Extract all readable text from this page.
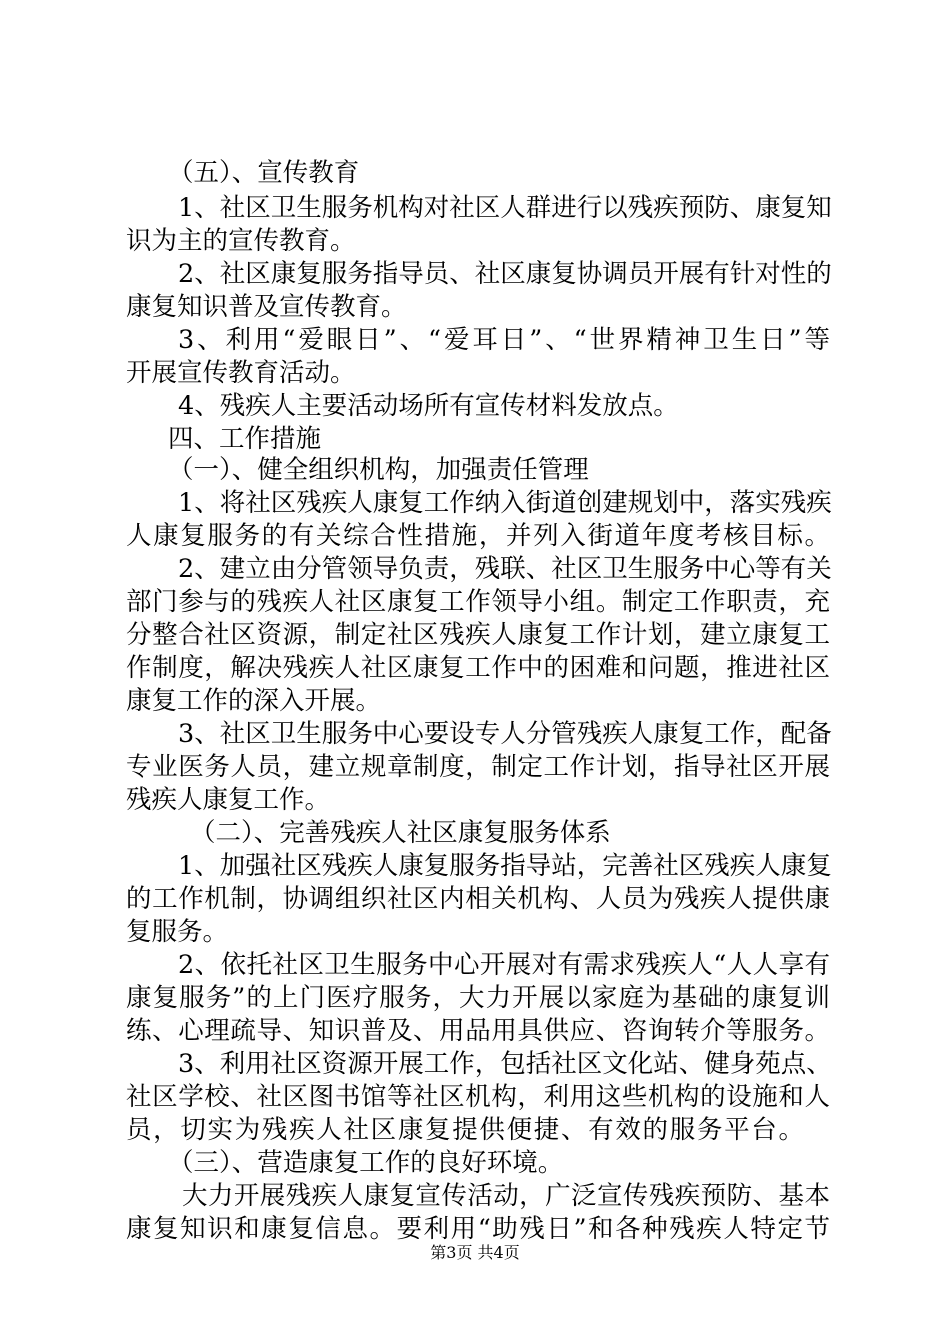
（五）、宣传教育
1、社区卫生服务机构对社区人群进行以残疾预防、康复知
识为主的宣传教育。
2、社区康复服务指导员、社区康复协调员开展有针对性的
康复知识普及宣传教育。
3、利用“爱眼日”、“爱耳日”、“世界精神卫生日”等
开展宣传教育活动。
4、残疾人主要活动场所有宣传材料发放点。
四、工作措施
（一）、健全组织机构，加强责任管理
1、将社区残疾人康复工作纳入街道创建规划中，落实残疾
人康复服务的有关综合性措施，并列入街道年度考核目标。
2、建立由分管领导负责，残联、社区卫生服务中心等有关
部门参与的残疾人社区康复工作领导小组。制定工作职责，充
分整合社区资源，制定社区残疾人康复工作计划，建立康复工
作制度，解决残疾人社区康复工作中的困难和问题，推进社区
康复工作的深入开展。
3、社区卫生服务中心要设专人分管残疾人康复工作，配备
专业医务人员，建立规章制度，制定工作计划，指导社区开展
残疾人康复工作。
（二）、完善残疾人社区康复服务体系
1、加强社区残疾人康复服务指导站，完善社区残疾人康复
的工作机制，协调组织社区内相关机构、人员为残疾人提供康
复服务。
2、依托社区卫生服务中心开展对有需求残疾人“人人享有
康复服务”的上门医疗服务，大力开展以家庭为基础的康复训
练、心理疏导、知识普及、用品用具供应、咨询转介等服务。
3、利用社区资源开展工作，包括社区文化站、健身苑点、
社区学校、社区图书馆等社区机构，利用这些机构的设施和人
员，切实为残疾人社区康复提供便捷、有效的服务平台。
（三）、营造康复工作的良好环境。
大力开展残疾人康复宣传活动，广泛宣传残疾预防、基本
康复知识和康复信息。要利用“助残日”和各种残疾人特定节
第3页 共4页
